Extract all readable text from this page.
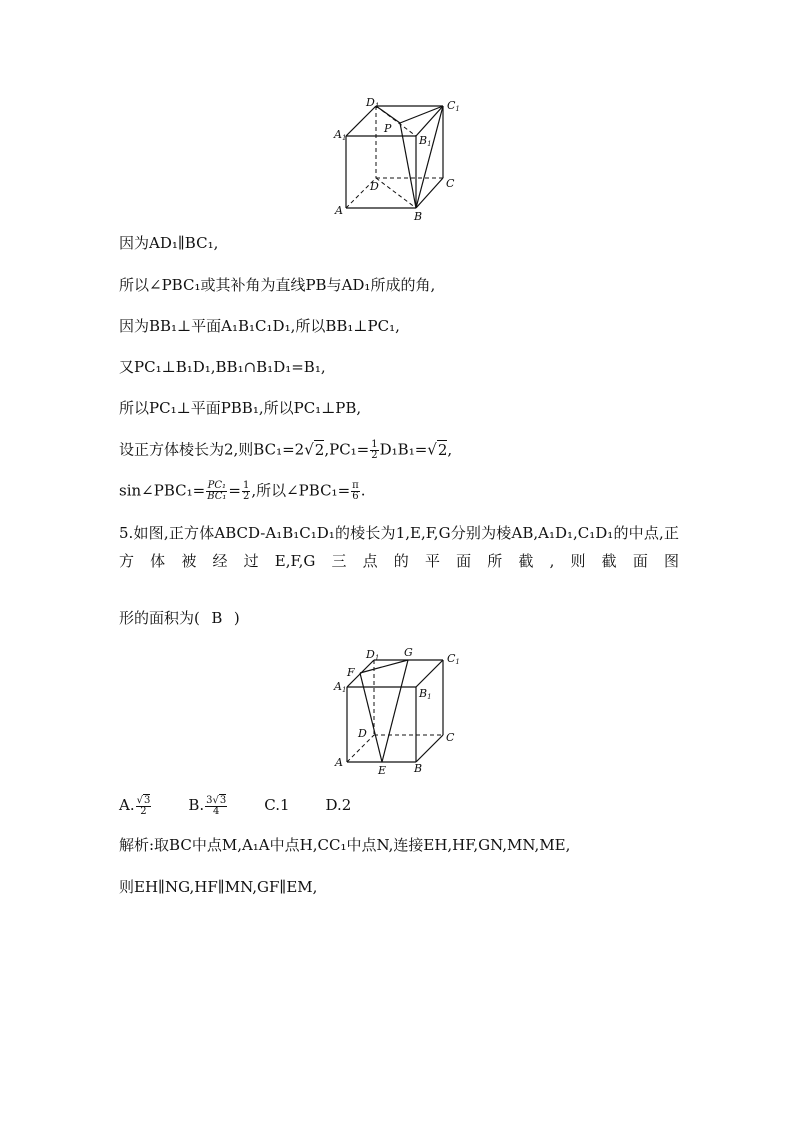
D1	C1
A1	B1
P
D	C
A	B
因为AD₁∥BC₁,
所以∠PBC₁或其补角为直线PB与AD₁所成的角,
因为BB₁⊥平面A₁B₁C₁D₁,所以BB₁⊥PC₁,
又PC₁⊥B₁D₁,BB₁∩B₁D₁=B₁,
所以PC₁⊥平面PBB₁,所以PC₁⊥PB,
设正方体棱长为2,则$BC_1=2√2,PC_1= \frac{1}{2} D_1B_1=√2$,
sin∠PBC₁= $\frac{\text{PC₁}}{\text{BC₁}} = \frac{1}{2}$ ,所以∠PBC₁= $\frac{\pi}{6}$ .
5.如图,正方体ABCD-A₁B₁C₁D₁的棱长为1,E,F,G分别为棱AB,A₁D₁,C₁D₁的中点,正方体被经过E,F,G三点的平面所截,则截面图
形的面积为( B )
D1 G	C1
F
A1	B1
D	C
A
E	B
A. $\frac{√3}{2} B$. $\frac{3√3}{4} C.1$ D.2
解析:取BC中点M,A₁A中点H,CC₁中点N,连接EH,HF,GN,MN,ME,
则EH∥NG,HF∥MN,GF∥EM,
